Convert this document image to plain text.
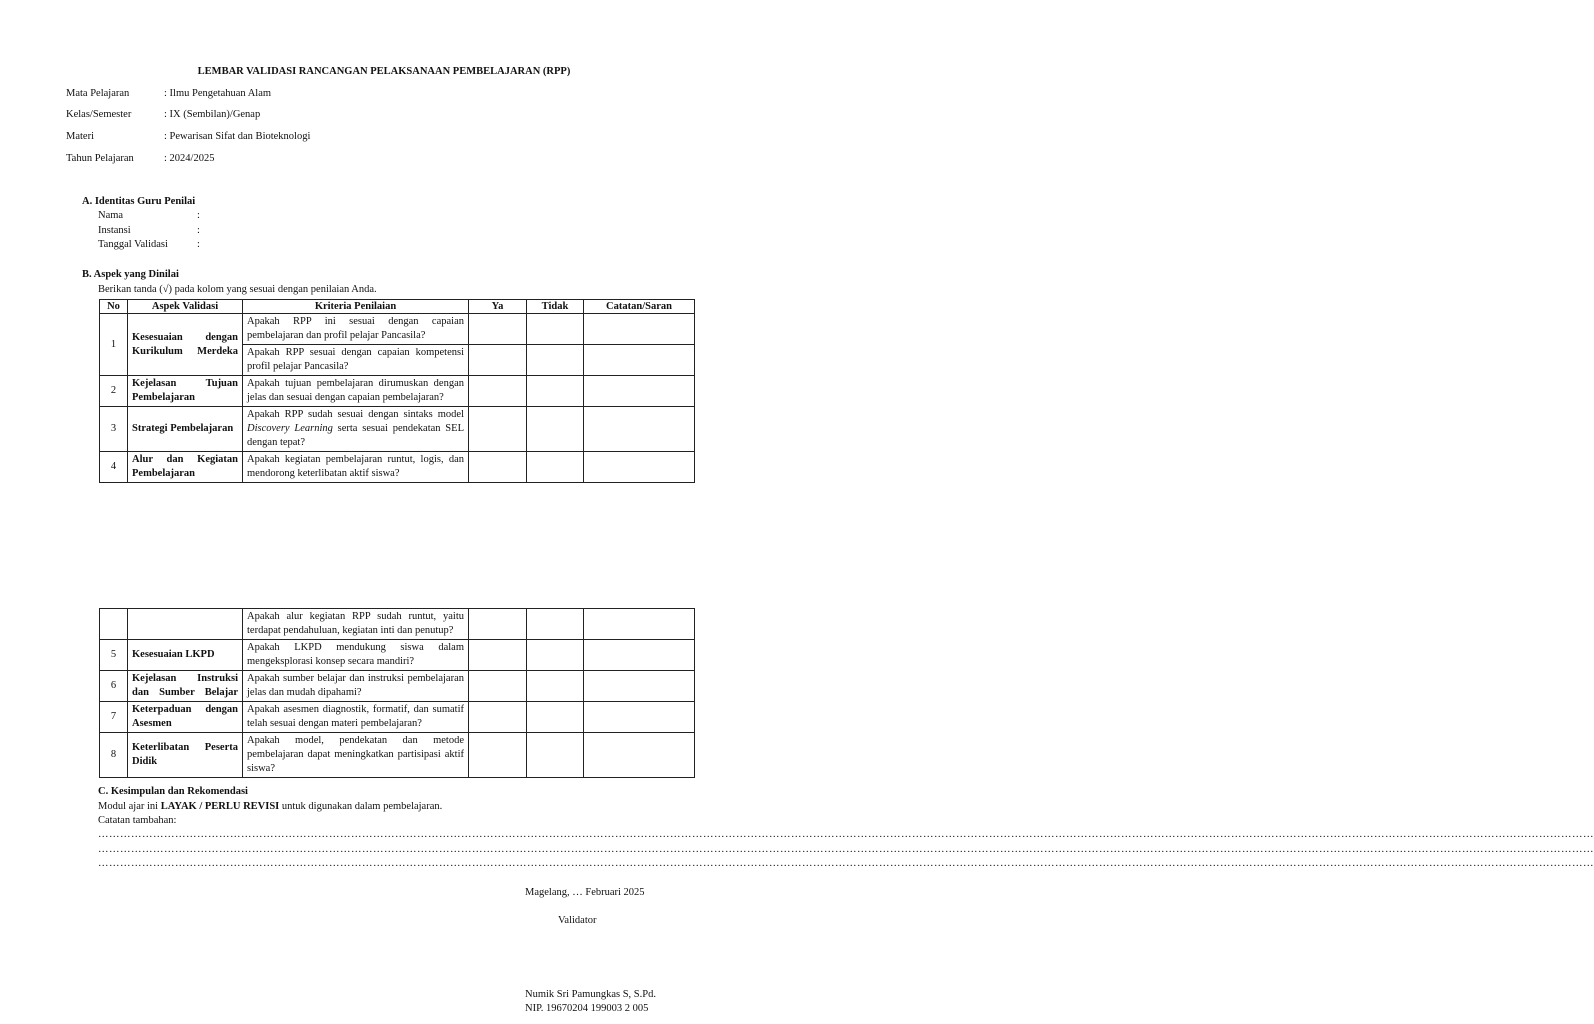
LEMBAR VALIDASI RANCANGAN PELAKSANAAN PEMBELAJARAN (RPP)
Mata Pelajaran	: Ilmu Pengetahuan Alam
Kelas/Semester	: IX (Sembilan)/Genap
Materi	: Pewarisan Sifat dan Bioteknologi
Tahun Pelajaran	: 2024/2025
A. Identitas Guru Penilai
Nama	:
Instansi	:
Tanggal Validasi	:
B. Aspek yang Dinilai
Berikan tanda (√) pada kolom yang sesuai dengan penilaian Anda.
No	Aspek Validasi	Kriteria Penilaian	Ya	Tidak	Catatan/Saran
1	Kesesuaian dengan Kurikulum Merdeka	Apakah RPP ini sesuai dengan capaian pembelajaran dan profil pelajar Pancasila?			
		Apakah RPP sesuai dengan capaian kompetensi profil pelajar Pancasila?			
2	Kejelasan Tujuan Pembelajaran	Apakah tujuan pembelajaran dirumuskan dengan jelas dan sesuai dengan capaian pembelajaran?			
3	Strategi Pembelajaran	Apakah RPP sudah sesuai dengan sintaks model Discovery Learning serta sesuai pendekatan SEL dengan tepat?			
4	Alur dan Kegiatan Pembelajaran	Apakah kegiatan pembelajaran runtut, logis, dan mendorong keterlibatan aktif siswa?			
		Apakah alur kegiatan RPP sudah runtut, yaitu terdapat pendahuluan, kegiatan inti dan penutup?			
5	Kesesuaian LKPD	Apakah LKPD mendukung siswa dalam mengeksplorasi konsep secara mandiri?			
6	Kejelasan Instruksi dan Sumber Belajar	Apakah sumber belajar dan instruksi pembelajaran jelas dan mudah dipahami?			
7	Keterpaduan dengan Asesmen	Apakah asesmen diagnostik, formatif, dan sumatif telah sesuai dengan materi pembelajaran?			
8	Keterlibatan Peserta Didik	Apakah model, pendekatan dan metode pembelajaran dapat meningkatkan partisipasi aktif siswa?			
C. Kesimpulan dan Rekomendasi
Modul ajar ini LAYAK / PERLU REVISI untuk digunakan dalam pembelajaran.
Catatan tambahan:
…………………………………………………………………………………………………………………………………………………………………………………………………………………………………………………………………………………………………………………………………………………………………………
…………………………………………………………………………………………………………………………………………………………………………………………………………………………………………………………………………………………………………………………………………………………………………
…………………………………………………………………………………………………………………………………………………………………………………………………………………………………………………………………………………………………………………………………………………………………………
Magelang, … Februari 2025
Validator
Numik Sri Pamungkas S, S.Pd.
NIP. 19670204 199003 2 005
